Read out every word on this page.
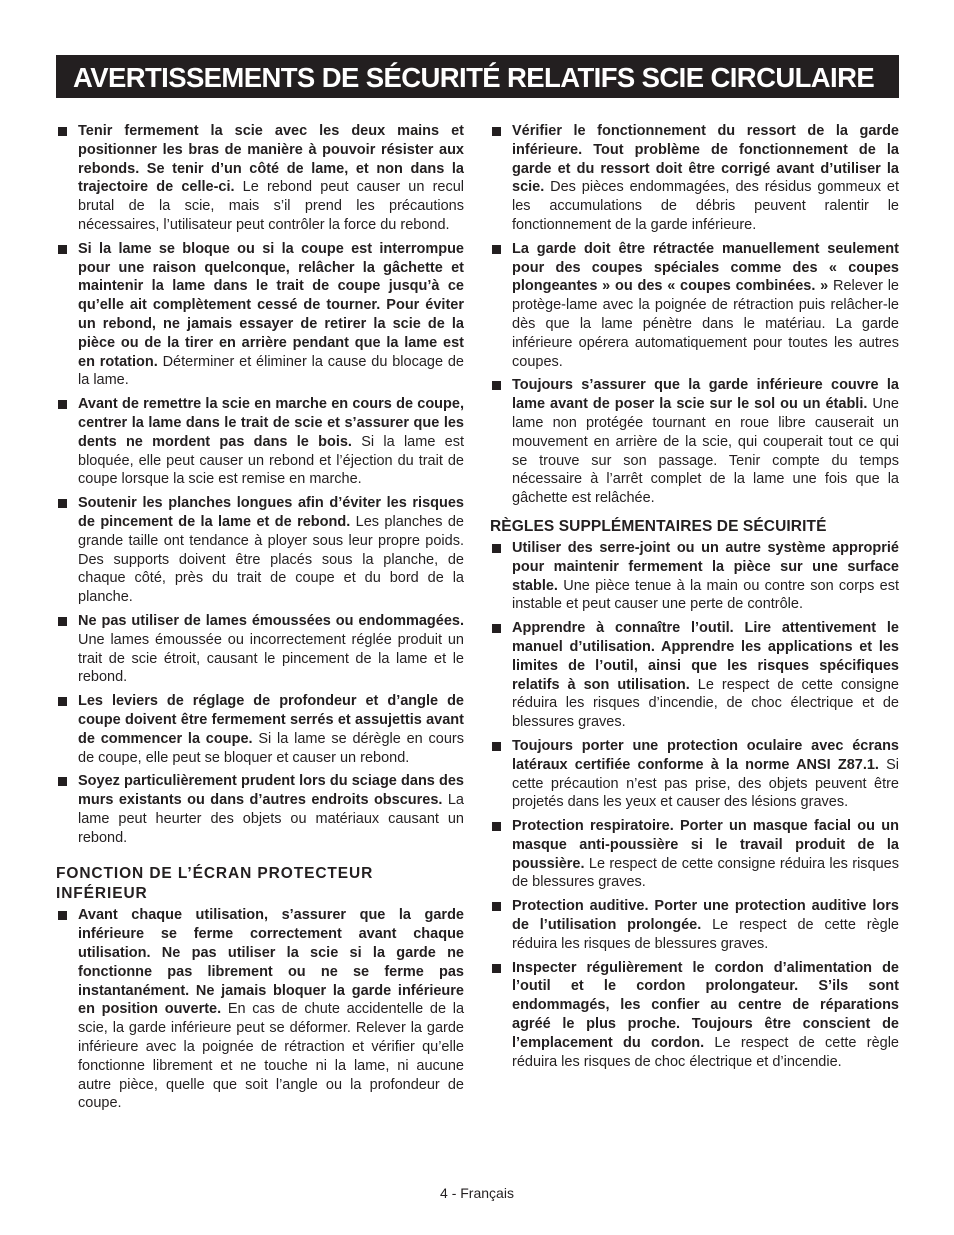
AVERTISSEMENTS DE SÉCURITÉ RELATIFS SCIE CIRCULAIRE
Tenir fermement la scie avec les deux mains et positionner les bras de manière à pouvoir résister aux rebonds. Se tenir d’un côté de lame, et non dans la trajectoire de celle-ci. Le rebond peut causer un recul brutal de la scie, mais s’il prend les précautions nécessaires, l’utilisateur peut contrôler la force du rebond.
Si la lame se bloque ou si la coupe est interrompue pour une raison quelconque, relâcher la gâchette et maintenir la lame dans le trait de coupe jusqu’à ce qu’elle ait complètement cessé de tourner. Pour éviter un rebond, ne jamais essayer de retirer la scie de la pièce ou de la tirer en arrière pendant que la lame est en rotation. Déterminer et éliminer la cause du blocage de la lame.
Avant de remettre la scie en marche en cours de coupe, centrer la lame dans le trait de scie et s’assurer que les dents ne mordent pas dans le bois. Si la lame est bloquée, elle peut causer un rebond et l’éjection du trait de coupe lorsque la scie est remise en marche.
Soutenir les planches longues afin d’éviter les risques de pincement de la lame et de rebond. Les planches de grande taille ont tendance à ployer sous leur propre poids. Des supports doivent être placés sous la planche, de chaque côté, près du trait de coupe et du bord de la planche.
Ne pas utiliser de lames émoussées ou endommagées. Une lames émoussée ou incorrectement réglée produit un trait de scie étroit, causant le pincement de la lame et le rebond.
Les leviers de réglage de profondeur et d’angle de coupe doivent être fermement serrés et assujettis avant de commencer la coupe. Si la lame se dérègle en cours de coupe, elle peut se bloquer et causer un rebond.
Soyez particulièrement prudent lors du sciage dans des murs existants ou dans d’autres endroits obscures. La lame peut heurter des objets ou matériaux causant un rebond.
FONCTION DE L’ÉCRAN PROTECTEUR INFÉRIEUR
Avant chaque utilisation, s’assurer que la garde inférieure se ferme correctement avant chaque utilisation. Ne pas utiliser la scie si la garde ne fonctionne pas librement ou ne se ferme pas instantanément. Ne jamais bloquer la garde inférieure en position ouverte. En cas de chute accidentelle de la scie, la garde inférieure peut se déformer. Relever la garde inférieure avec la poignée de rétraction et vérifier qu’elle fonctionne librement et ne touche ni la lame, ni aucune autre pièce, quelle que soit l’angle ou la profondeur de coupe.
Vérifier le fonctionnement du ressort de la garde inférieure. Tout problème de fonctionnement de la garde et du ressort doit être corrigé avant d’utiliser la scie. Des pièces endommagées, des résidus gommeux et les accumulations de débris peuvent ralentir le fonctionnement de la garde inférieure.
La garde doit être rétractée manuellement seulement pour des coupes spéciales comme des « coupes plongeantes » ou des « coupes combinées. » Relever le protège-lame avec la poignée de rétraction puis relâcher-le dès que la lame pénètre dans le matériau. La garde inférieure opérera automatiquement pour toutes les autres coupes.
Toujours s’assurer que la garde inférieure couvre la lame avant de poser la scie sur le sol ou un établi. Une lame non protégée tournant en roue libre causerait un mouvement en arrière de la scie, qui couperait tout ce qui se trouve sur son passage. Tenir compte du temps nécessaire à l’arrêt complet de la lame une fois que la gâchette est relâchée.
RÈGLES SUPPLÉMENTAIRES DE SÉCUIRITÉ
Utiliser des serre-joint ou un autre système approprié pour maintenir fermement la pièce sur une surface stable. Une pièce tenue à la main ou contre son corps est instable et peut causer une perte de contrôle.
Apprendre à connaître l’outil. Lire attentivement le manuel d’utilisation. Apprendre les applications et les limites de l’outil, ainsi que les risques spécifiques relatifs à son utilisation. Le respect de cette consigne réduira les risques d’incendie, de choc électrique et de blessures graves.
Toujours porter une protection oculaire avec écrans latéraux certifiée conforme à la norme ANSI Z87.1. Si cette précaution n’est pas prise, des objets peuvent être projetés dans les yeux et causer des lésions graves.
Protection respiratoire. Porter un masque facial ou un masque anti-poussière si le travail produit de la poussière. Le respect de cette consigne réduira les risques de blessures graves.
Protection auditive. Porter une protection auditive lors de l’utilisation prolongée. Le respect de cette règle réduira les risques de blessures graves.
Inspecter régulièrement le cordon d’alimentation de l’outil et le cordon prolongateur. S’ils sont endommagés, les confier au centre de réparations agréé le plus proche. Toujours être conscient de l’emplacement du cordon. Le respect de cette règle réduira les risques de choc électrique et d’incendie.
4 - Français
